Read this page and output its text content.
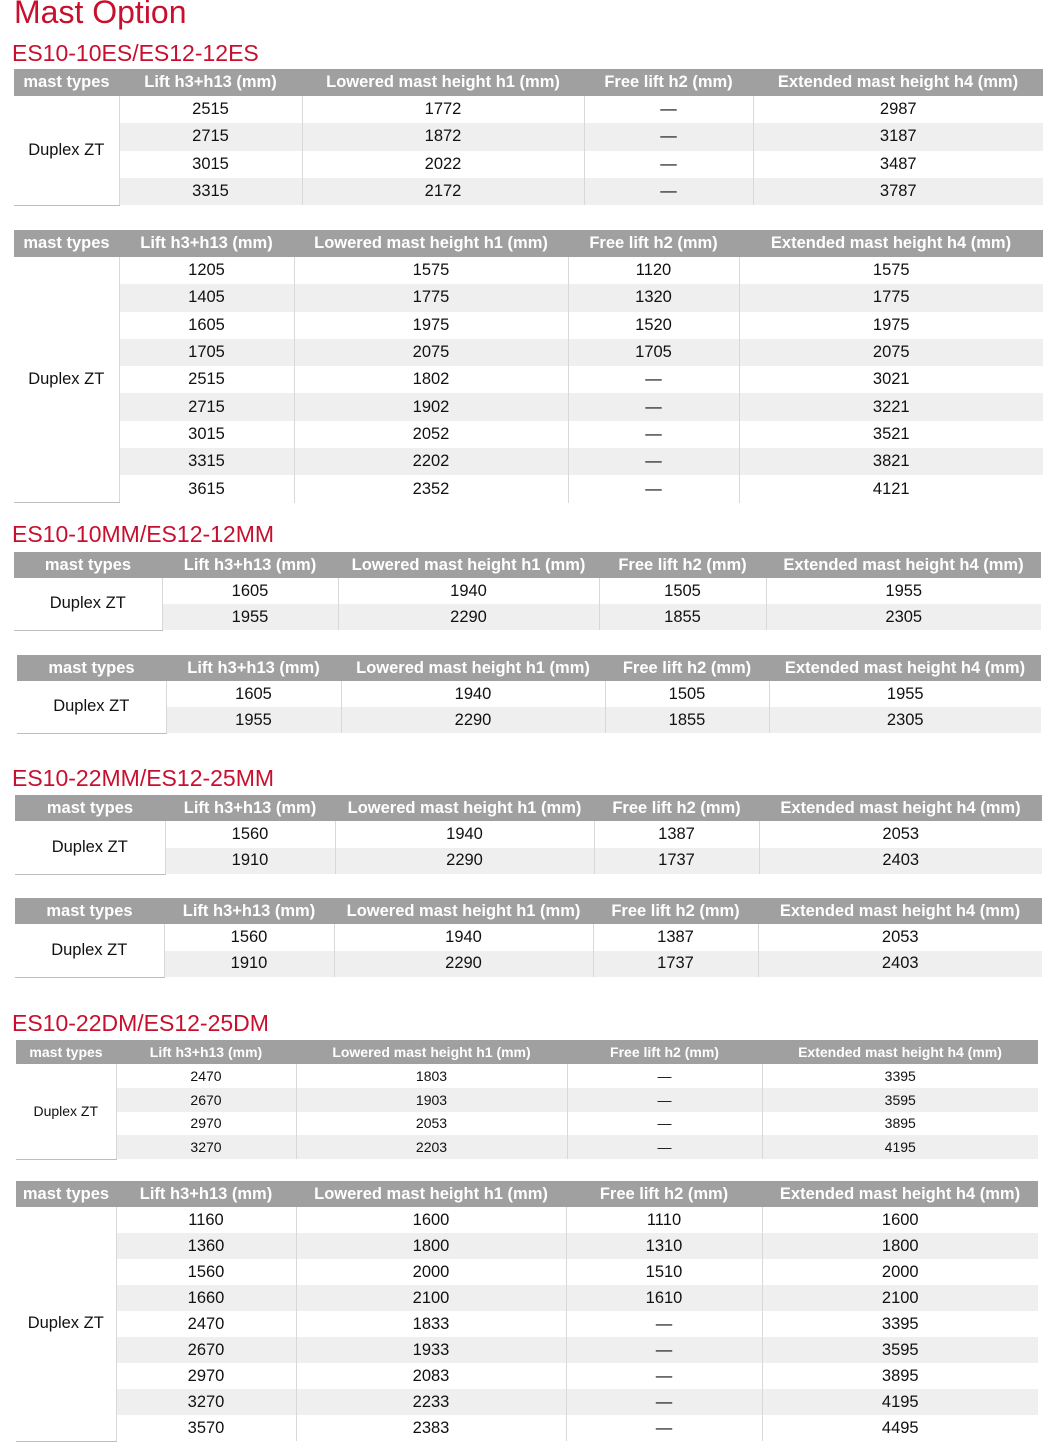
Mast Option
ES10-10ES/ES12-12ES
mast types	Lift h3+h13 (mm)	Lowered mast height h1 (mm)	Free lift h2 (mm)	Extended mast height h4 (mm)
Duplex ZT	2515	1772	—	2987
	2715	1872	—	3187
	3015	2022	—	3487
	3315	2172	—	3787
mast types	Lift h3+h13 (mm)	Lowered mast height h1 (mm)	Free lift h2 (mm)	Extended mast height h4 (mm)
Duplex ZT	1205	1575	1120	1575
	1405	1775	1320	1775
	1605	1975	1520	1975
	1705	2075	1705	2075
	2515	1802	—	3021
	2715	1902	—	3221
	3015	2052	—	3521
	3315	2202	—	3821
	3615	2352	—	4121
ES10-10MM/ES12-12MM
mast types	Lift h3+h13 (mm)	Lowered mast height h1 (mm)	Free lift h2 (mm)	Extended mast height h4 (mm)
Duplex ZT	1605	1940	1505	1955
	1955	2290	1855	2305
mast types	Lift h3+h13 (mm)	Lowered mast height h1 (mm)	Free lift h2 (mm)	Extended mast height h4 (mm)
Duplex ZT	1605	1940	1505	1955
	1955	2290	1855	2305
ES10-22MM/ES12-25MM
mast types	Lift h3+h13 (mm)	Lowered mast height h1 (mm)	Free lift h2 (mm)	Extended mast height h4 (mm)
Duplex ZT	1560	1940	1387	2053
	1910	2290	1737	2403
mast types	Lift h3+h13 (mm)	Lowered mast height h1 (mm)	Free lift h2 (mm)	Extended mast height h4 (mm)
Duplex ZT	1560	1940	1387	2053
	1910	2290	1737	2403
ES10-22DM/ES12-25DM
mast types	Lift h3+h13 (mm)	Lowered mast height h1 (mm)	Free lift h2 (mm)	Extended mast height h4 (mm)
Duplex ZT	2470	1803	—	3395
	2670	1903	—	3595
	2970	2053	—	3895
	3270	2203	—	4195
mast types	Lift h3+h13 (mm)	Lowered mast height h1 (mm)	Free lift h2 (mm)	Extended mast height h4 (mm)
Duplex ZT	1160	1600	1110	1600
	1360	1800	1310	1800
	1560	2000	1510	2000
	1660	2100	1610	2100
	2470	1833	—	3395
	2670	1933	—	3595
	2970	2083	—	3895
	3270	2233	—	4195
	3570	2383	—	4495
